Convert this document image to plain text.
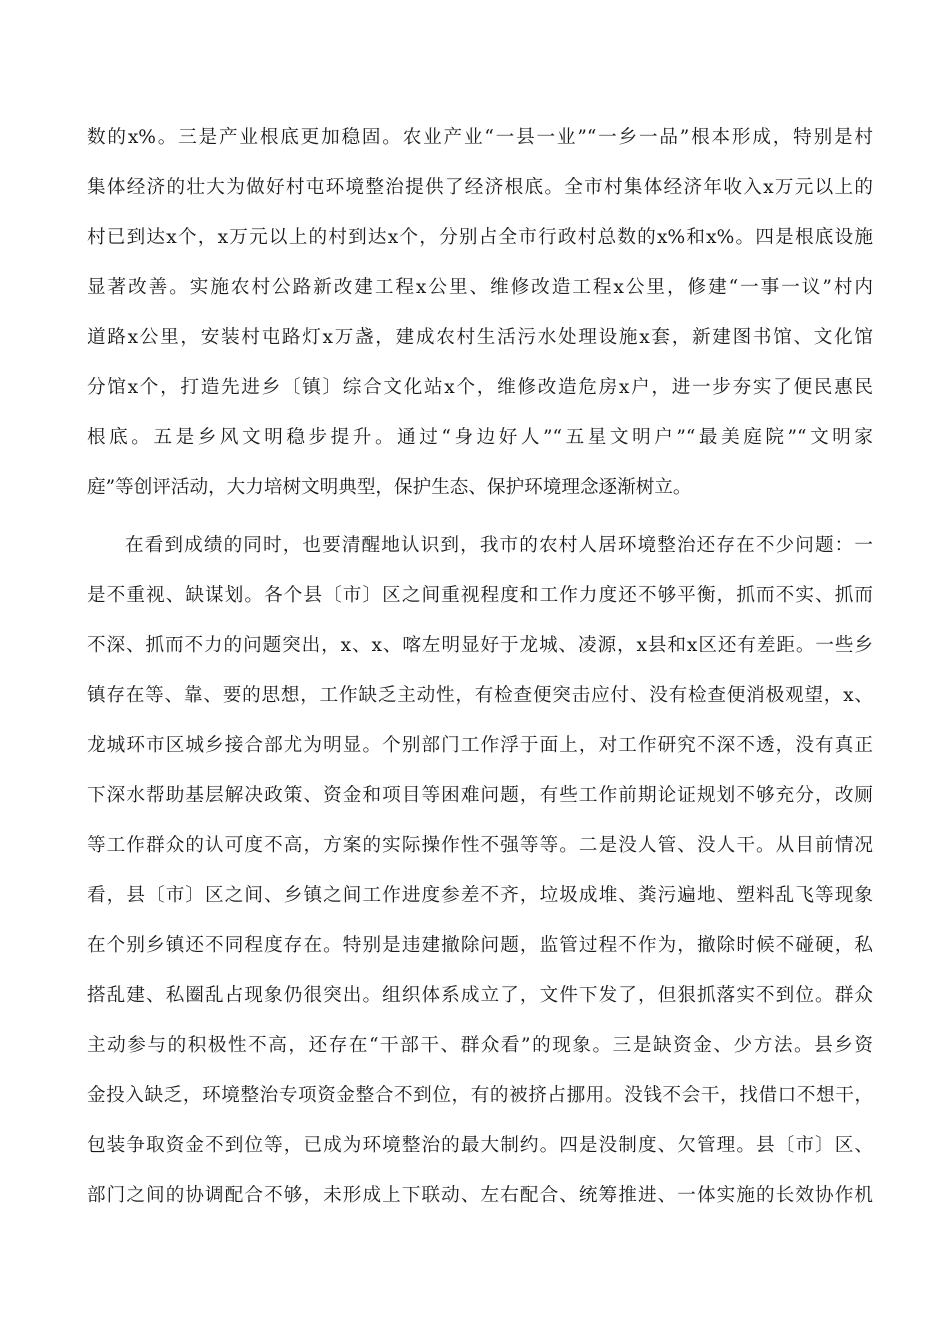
数的x%。三是产业根底更加稳固。农业产业“一县一业”“一乡一品”根本形成，特别是村
集体经济的壮大为做好村屯环境整治提供了经济根底。全市村集体经济年收入x万元以上的
村已到达x个，x万元以上的村到达x个，分别占全市行政村总数的x%和x%。四是根底设施
显著改善。实施农村公路新改建工程x公里、维修改造工程x公里，修建“一事一议”村内
道路x公里，安装村屯路灯x万盏，建成农村生活污水处理设施x套，新建图书馆、文化馆
分馆x个，打造先进乡〔镇〕综合文化站x个，维修改造危房x户，进一步夯实了便民惠民
根底。五是乡风文明稳步提升。通过“身边好人”“五星文明户”“最美庭院”“文明家
庭”等创评活动，大力培树文明典型，保护生态、保护环境理念逐渐树立。
在看到成绩的同时，也要清醒地认识到，我市的农村人居环境整治还存在不少问题：一
是不重视、缺谋划。各个县〔市〕区之间重视程度和工作力度还不够平衡，抓而不实、抓而
不深、抓而不力的问题突出，x、x、喀左明显好于龙城、凌源，x县和x区还有差距。一些乡
镇存在等、靠、要的思想，工作缺乏主动性，有检查便突击应付、没有检查便消极观望，x、
龙城环市区城乡接合部尤为明显。个别部门工作浮于面上，对工作研究不深不透，没有真正
下深水帮助基层解决政策、资金和项目等困难问题，有些工作前期论证规划不够充分，改厕
等工作群众的认可度不高，方案的实际操作性不强等等。二是没人管、没人干。从目前情况
看，县〔市〕区之间、乡镇之间工作进度参差不齐，垃圾成堆、粪污遍地、塑料乱飞等现象
在个别乡镇还不同程度存在。特别是违建撤除问题，监管过程不作为，撤除时候不碰硬，私
搭乱建、私圈乱占现象仍很突出。组织体系成立了，文件下发了，但狠抓落实不到位。群众
主动参与的积极性不高，还存在“干部干、群众看”的现象。三是缺资金、少方法。县乡资
金投入缺乏，环境整治专项资金整合不到位，有的被挤占挪用。没钱不会干，找借口不想干，
包装争取资金不到位等，已成为环境整治的最大制约。四是没制度、欠管理。县〔市〕区、
部门之间的协调配合不够，未形成上下联动、左右配合、统筹推进、一体实施的长效协作机
